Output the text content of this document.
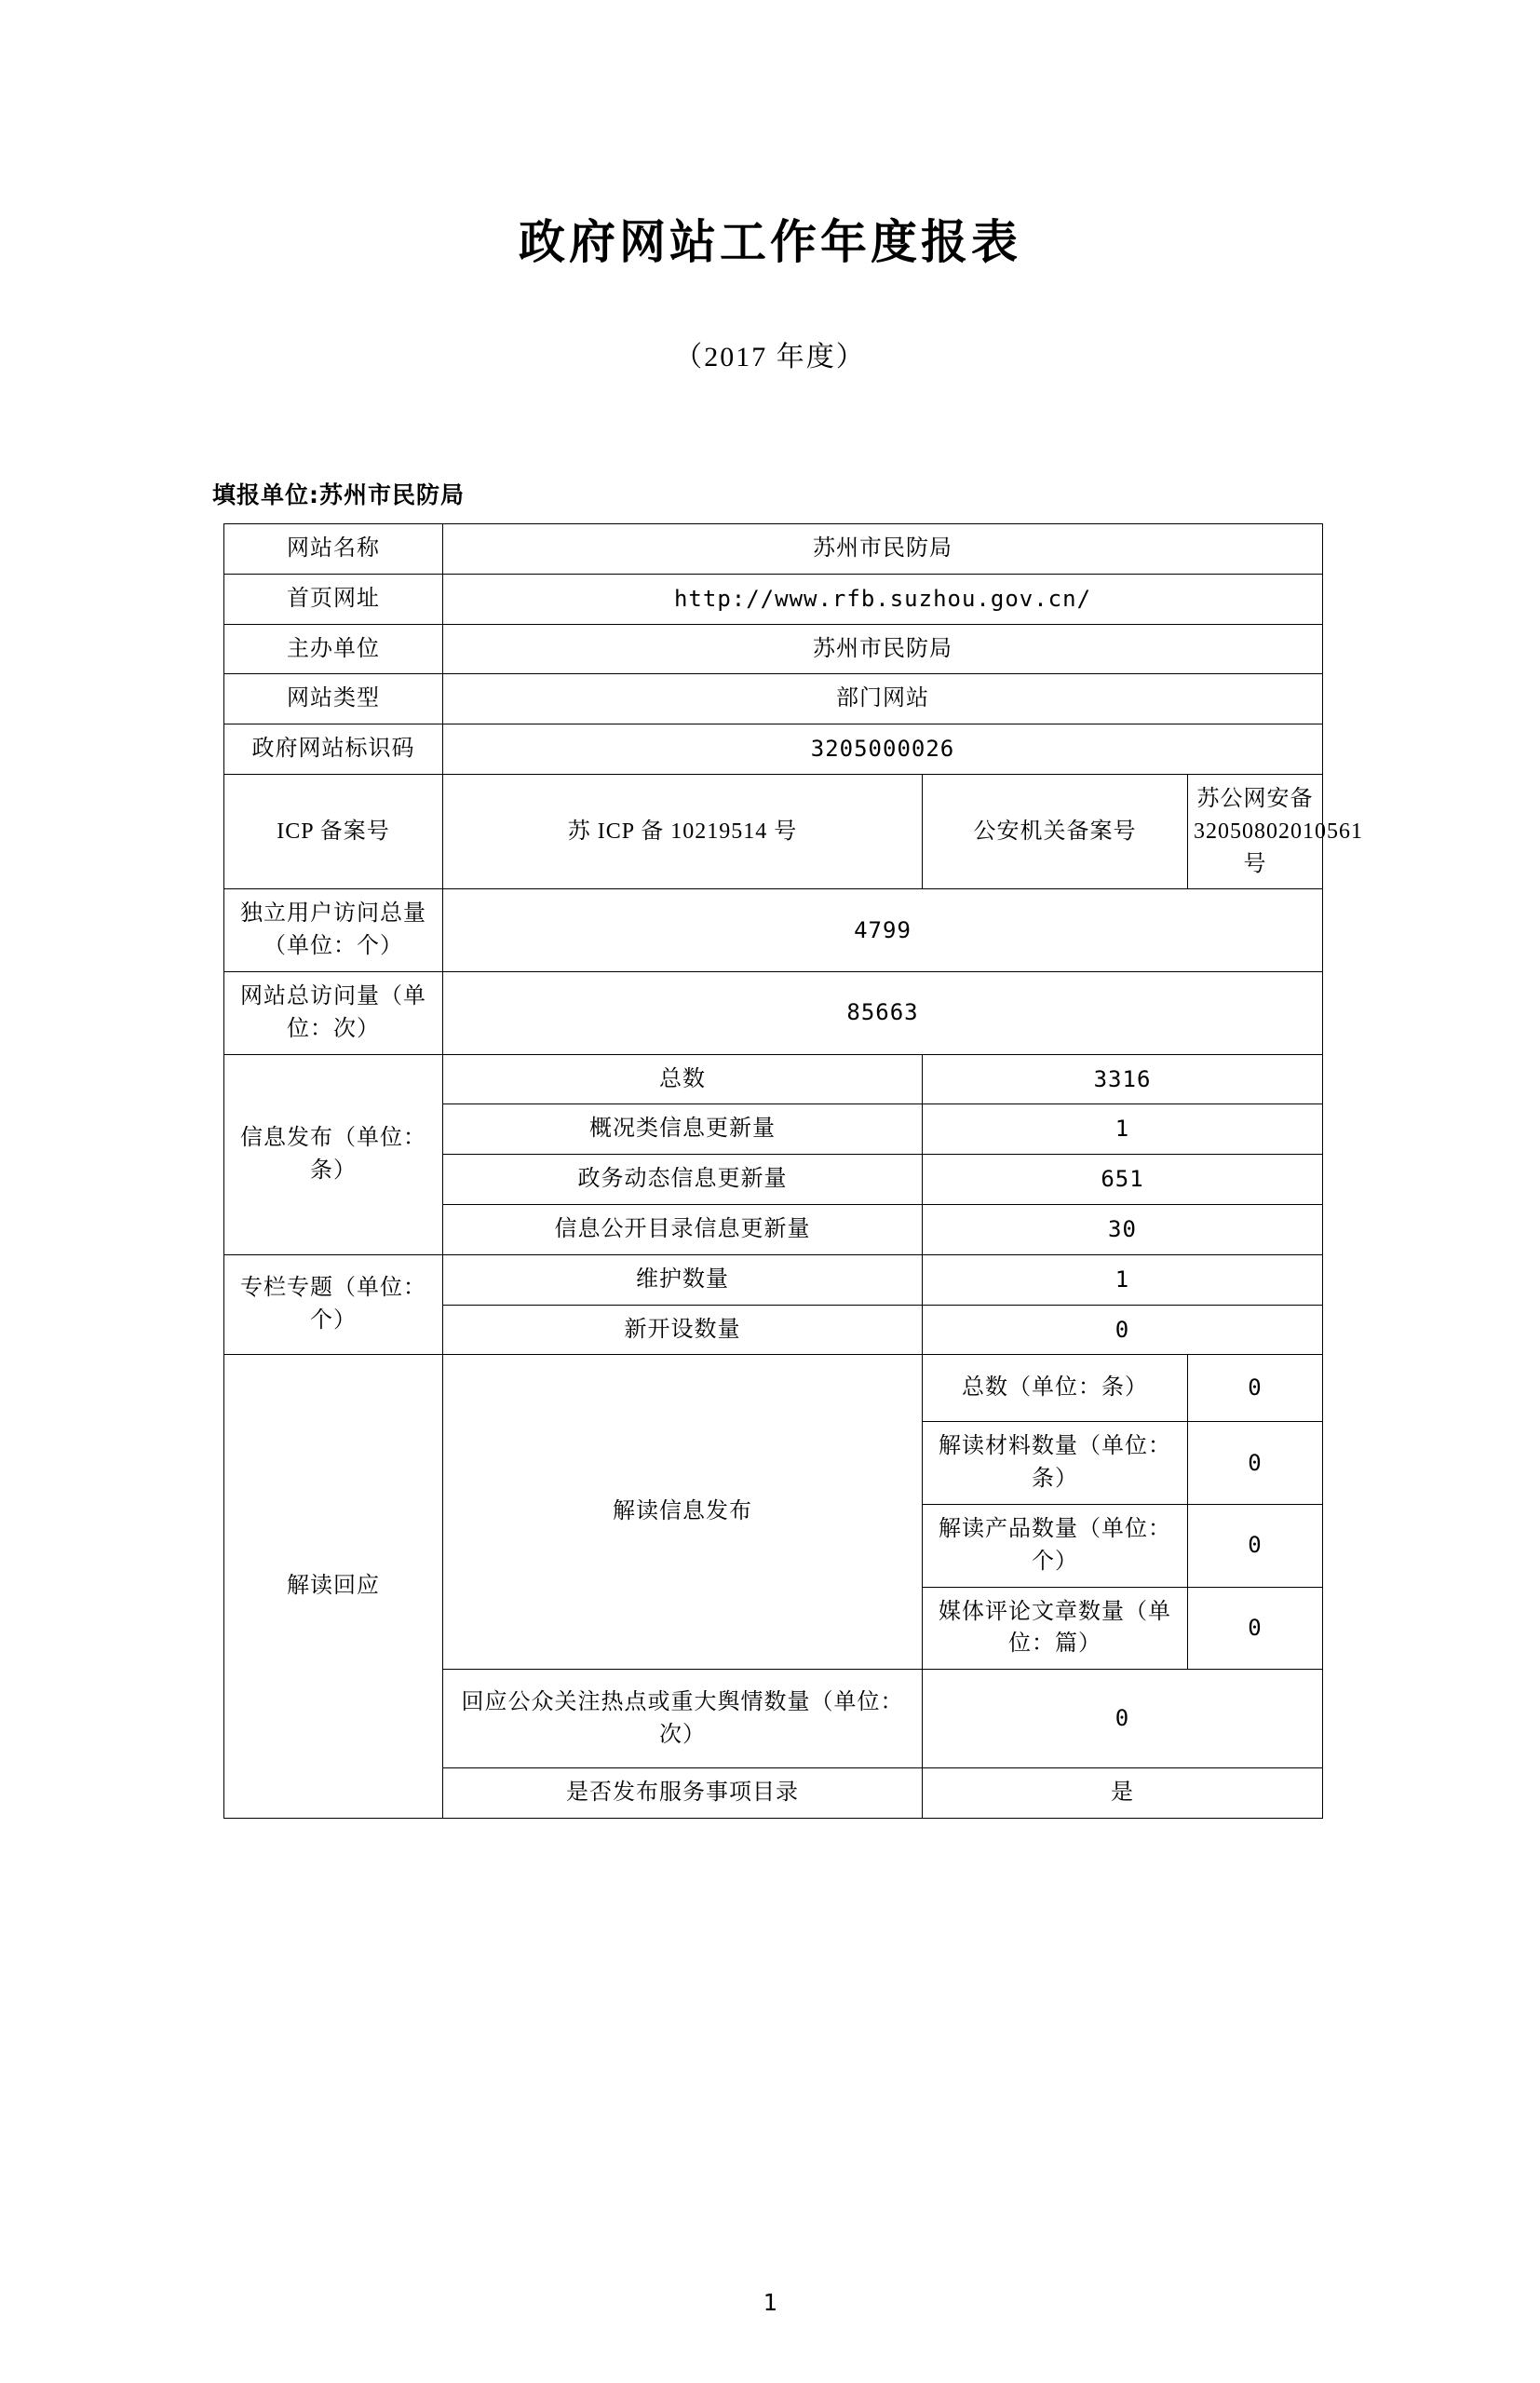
政府网站工作年度报表
（2017 年度）
填报单位:苏州市民防局
网站名称	苏州市民防局		
首页网址	http://www.rfb.suzhou.gov.cn/		
主办单位	苏州市民防局		
网站类型	部门网站		
政府网站标识码	3205000026		
ICP 备案号	苏 ICP 备 10219514 号	公安机关备案号	苏公网安备 32050802010561 号
独立用户访问总量（单位：个）	4799		
网站总访问量（单位：次）	85663		
信息发布（单位：条）	总数	3316	
	概况类信息更新量	1	
	政务动态信息更新量	651	
	信息公开目录信息更新量	30	
专栏专题（单位：个）	维护数量	1	
	新开设数量	0	
解读回应	解读信息发布	总数（单位：条）	0
		解读材料数量（单位：条）	0
		解读产品数量（单位：个）	0
		媒体评论文章数量（单位：篇）	0
	回应公众关注热点或重大舆情数量（单位：次）	0	
	是否发布服务事项目录	是	
1
